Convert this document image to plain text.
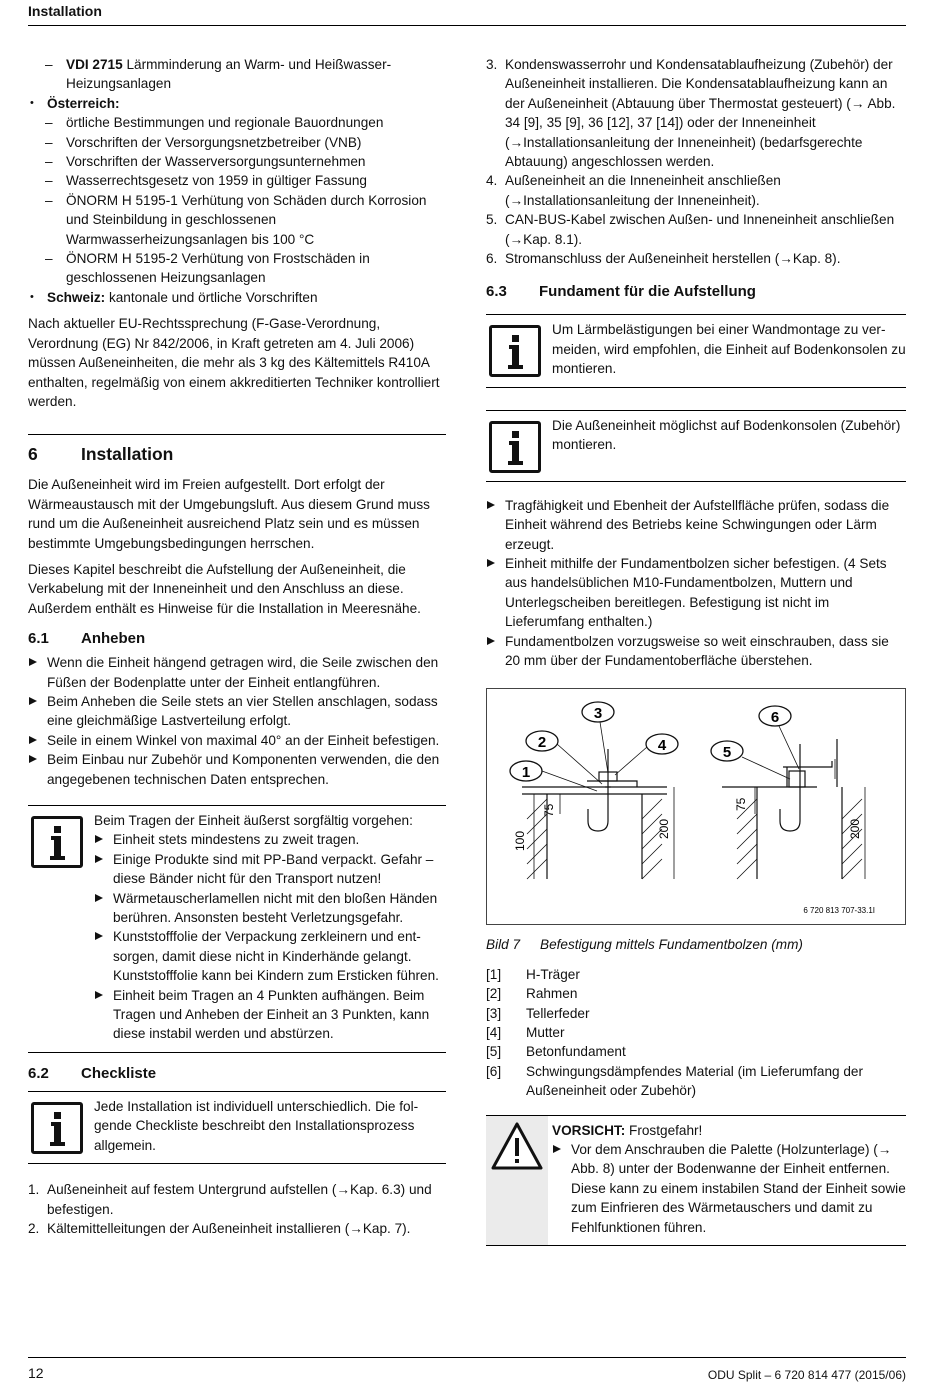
Installation
– VDI 2715 Lärmminderung an Warm- und Heißwasser-Heizungsanlagen
• Österreich:
– örtliche Bestimmungen und regionale Bauordnungen
– Vorschriften der Versorgungsnetzbetreiber (VNB)
– Vorschriften der Wasserversorgungsunternehmen
– Wasserrechtsgesetz von 1959 in gültiger Fassung
– ÖNORM H 5195-1 Verhütung von Schäden durch Korrosion und Steinbildung in geschlossenen Warmwasserheizungsanlagen bis 100 °C
– ÖNORM H 5195-2 Verhütung von Frostschäden in geschlossenen Heizungsanlagen
• Schweiz: kantonale und örtliche Vorschriften
Nach aktueller EU-Rechtssprechung (F-Gase-Verordnung, Verordnung (EG) Nr 842/2006, in Kraft getreten am 4. Juli 2006) müssen Außeneinheiten, die mehr als 3 kg des Kältemittels R410A enthalten, regelmäßig von einem akkreditierten Techniker kontrolliert werden.
6 Installation
Die Außeneinheit wird im Freien aufgestellt. Dort erfolgt der Wärmeaustausch mit der Umgebungsluft. Aus diesem Grund muss rund um die Außeneinheit ausreichend Platz sein und es müssen bestimmte Umgebungsbedingungen herrschen.
Dieses Kapitel beschreibt die Aufstellung der Außeneinheit, die Verkabelung mit der Inneneinheit und den Anschluss an diese. Außerdem enthält es Hinweise für die Installation in Meeresnähe.
6.1 Anheben
Wenn die Einheit hängend getragen wird, die Seile zwischen den Füßen der Bodenplatte unter der Einheit entlangführen.
Beim Anheben die Seile stets an vier Stellen anschlagen, sodass eine gleichmäßige Lastverteilung erfolgt.
Seile in einem Winkel von maximal 40° an der Einheit befestigen.
Beim Einbau nur Zubehör und Komponenten verwenden, die den angegebenen technischen Daten entsprechen.
Beim Tragen der Einheit äußerst sorgfältig vorgehen:
Einheit stets mindestens zu zweit tragen.
Einige Produkte sind mit PP-Band verpackt. Gefahr – diese Bänder nicht für den Transport nutzen!
Wärmetauscherlamellen nicht mit den bloßen Händen berühren. Ansonsten besteht Verletzungsgefahr.
Kunststofffolie der Verpackung zerkleinern und entsorgen, damit diese nicht in Kinderhände gelangt. Kunststofffolie kann bei Kindern zum Ersticken führen.
Einheit beim Tragen an 4 Punkten aufhängen. Beim Tragen und Anheben der Einheit an 3 Punkten, kann diese instabil werden und abstürzen.
6.2 Checkliste
Jede Installation ist individuell unterschiedlich. Die folgende Checkliste beschreibt den Installationsprozess allgemein.
1. Außeneinheit auf festem Untergrund aufstellen (→Kap. 6.3) und befestigen.
2. Kältemittelleitungen der Außeneinheit installieren (→Kap. 7).
3. Kondenswasserrohr und Kondensatablaufheizung (Zubehör) der Außeneinheit installieren. Die Kondensatablaufheizung kann an der Außeneinheit (Abtauung über Thermostat gesteuert) (→ Abb. 34 [9], 35 [9], 36 [12], 37 [14]) oder der Inneneinheit (→Installationsanleitung der Inneneinheit) (bedarfsgerechte Abtauung) angeschlossen werden.
4. Außeneinheit an die Inneneinheit anschließen (→Installationsanleitung der Inneneinheit).
5. CAN-BUS-Kabel zwischen Außen- und Inneneinheit anschließen (→Kap. 8.1).
6. Stromanschluss der Außeneinheit herstellen (→Kap. 8).
6.3 Fundament für die Aufstellung
Um Lärmbelästigungen bei einer Wandmontage zu vermeiden, wird empfohlen, die Einheit auf Bodenkonsolen zu montieren.
Die Außeneinheit möglichst auf Bodenkonsolen (Zubehör) montieren.
Tragfähigkeit und Ebenheit der Aufstellfläche prüfen, sodass die Einheit während des Betriebs keine Schwingungen oder Lärm erzeugt.
Einheit mithilfe der Fundamentbolzen sicher befestigen. (4 Sets aus handelsüblichen M10-Fundamentbolzen, Muttern und Unterlegscheiben bereitlegen. Befestigung ist nicht im Lieferumfang enthalten.)
Fundamentbolzen vorzugsweise so weit einschrauben, dass sie 20 mm über der Fundamentoberfläche überstehen.
100
75
200
75
200
1
2
3
4	5
6
6 720 813 707-33.1I
Bild 7 Befestigung mittels Fundamentbolzen (mm)
[1] H-Träger
[2] Rahmen
[3] Tellerfeder
[4] Mutter
[5] Betonfundament
[6] Schwingungsdämpfendes Material (im Lieferumfang der Außeneinheit oder Zubehör)
VORSICHT: Frostgefahr!
Vor dem Anschrauben die Palette (Holzunterlage) (→ Abb. 8) unter der Bodenwanne der Einheit entfernen. Diese kann zu einem instabilen Stand der Einheit sowie zum Einfrieren des Wärmetauschers und damit zu Fehlfunktionen führen.
12	ODU Split – 6 720 814 477 (2015/06)
